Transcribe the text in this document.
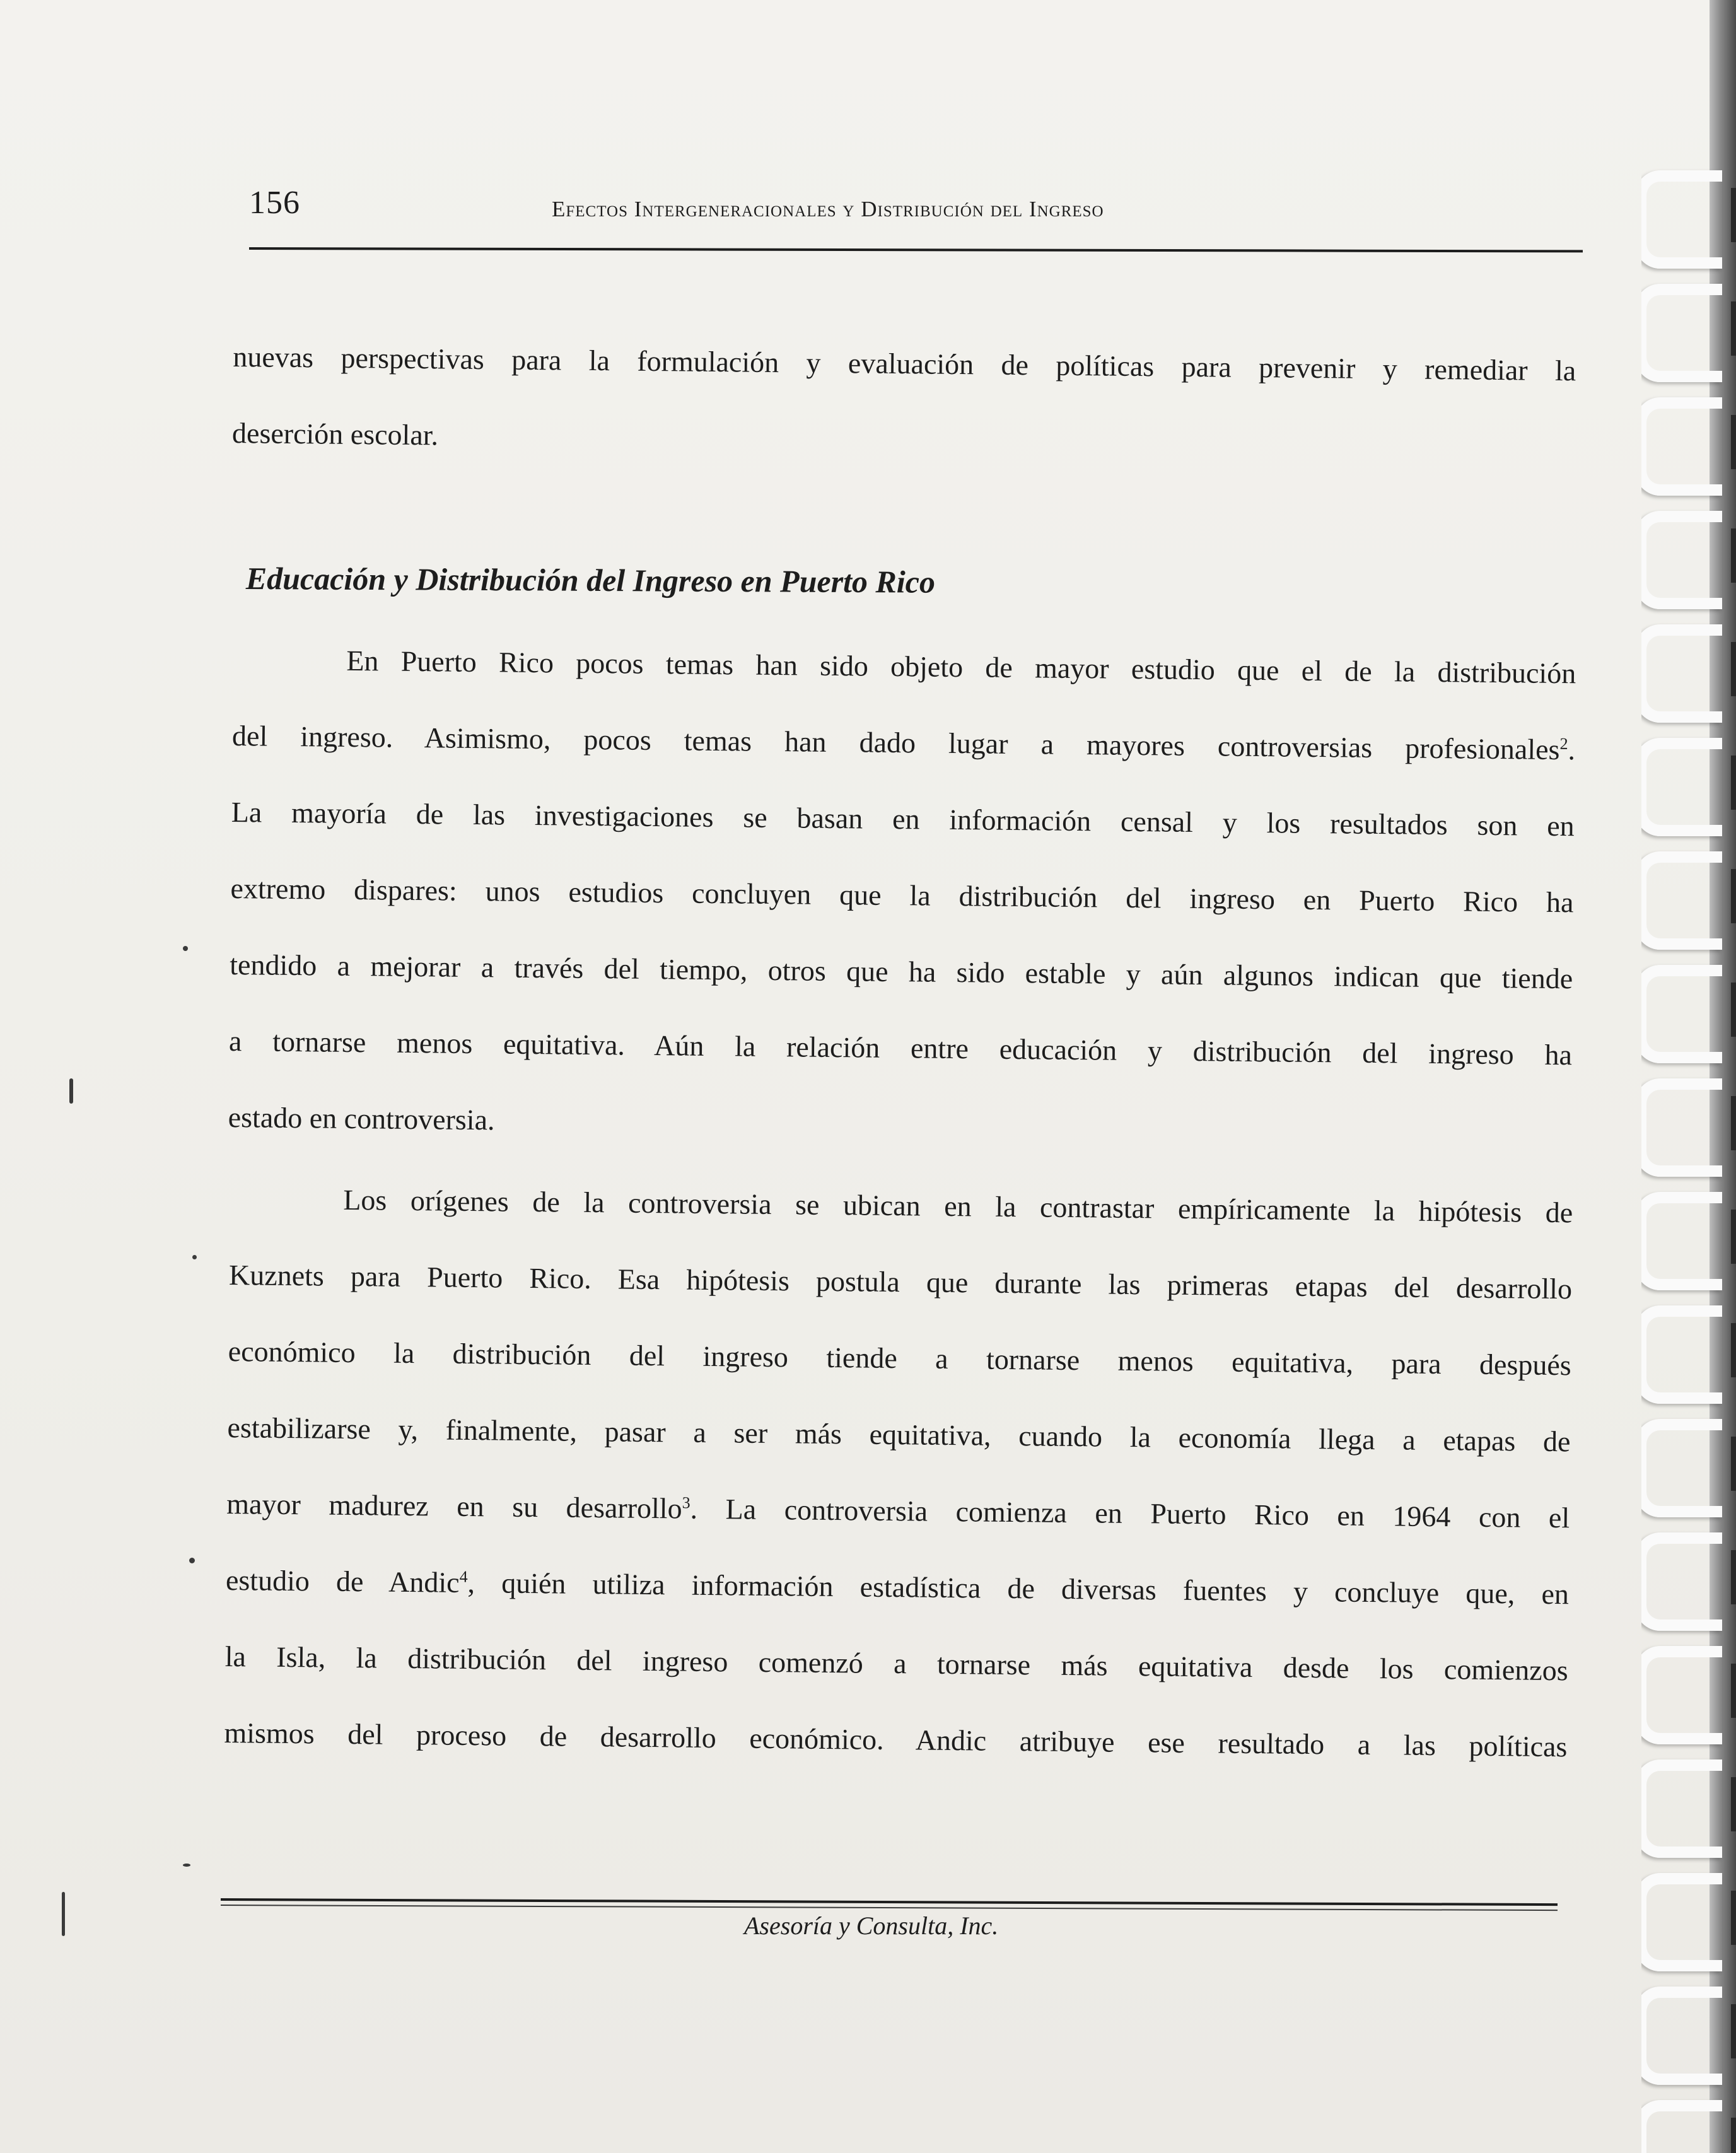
156	Efectos Intergeneracionales y Distribución del Ingreso
nuevas perspectivas para la formulación y evaluación de políticas para prevenir y remediar la
deserción escolar.
Educación y Distribución del Ingreso en Puerto Rico
En Puerto Rico pocos temas han sido objeto de mayor estudio que el de la distribución
del ingreso. Asimismo, pocos temas han dado lugar a mayores controversias profesionales$^2$.
La mayoría de las investigaciones se basan en información censal y los resultados son en
extremo dispares: unos estudios concluyen que la distribución del ingreso en Puerto Rico ha
tendido a mejorar a través del tiempo, otros que ha sido estable y aún algunos indican que tiende
a tornarse menos equitativa. Aún la relación entre educación y distribución del ingreso ha
estado en controversia.
Los orígenes de la controversia se ubican en la contrastar empíricamente la hipótesis de
Kuznets para Puerto Rico. Esa hipótesis postula que durante las primeras etapas del desarrollo
económico la distribución del ingreso tiende a tornarse menos equitativa, para después
estabilizarse y, finalmente, pasar a ser más equitativa, cuando la economía llega a etapas de
mayor madurez en su desarrollo$^3$. La controversia comienza en Puerto Rico en 1964 con el
estudio de Andic$^4$, quién utiliza información estadística de diversas fuentes y concluye que, en
la Isla, la distribución del ingreso comenzó a tornarse más equitativa desde los comienzos
mismos del proceso de desarrollo económico. Andic atribuye ese resultado a las políticas
Asesoría y Consulta, Inc.
